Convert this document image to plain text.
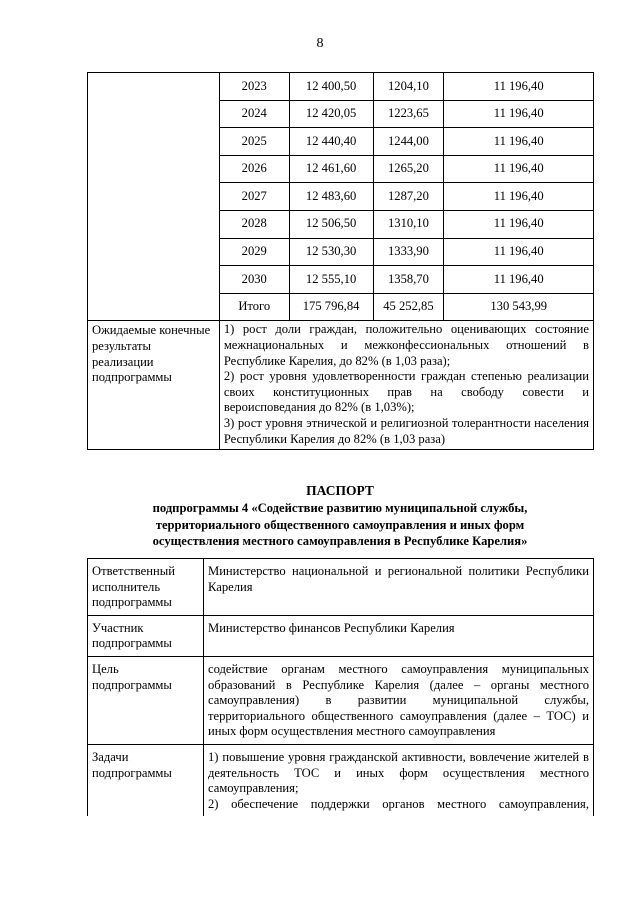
8
	2023	12 400,50	1204,10	11 196,40
	2024	12 420,05	1223,65	11 196,40
	2025	12 440,40	1244,00	11 196,40
	2026	12 461,60	1265,20	11 196,40
	2027	12 483,60	1287,20	11 196,40
	2028	12 506,50	1310,10	11 196,40
	2029	12 530,30	1333,90	11 196,40
	2030	12 555,10	1358,70	11 196,40
	Итого	175 796,84	45 252,85	130 543,99
Ожидаемые конечные результаты реализации подпрограммы	1) рост доли граждан, положительно оценивающих состояние межнациональных и межконфессиональных отношений в Республике Карелия, до 82% (в 1,03 раза);
2) рост уровня удовлетворенности граждан степенью реализации своих конституционных прав на свободу совести и вероисповедания до 82% (в 1,03%);
3) рост уровня этнической и религиозной толерантности населения Республики Карелия до 82% (в 1,03 раза)			
ПАСПОРТ
подпрограммы 4 «Содействие развитию муниципальной службы,
территориального общественного самоуправления и иных форм
осуществления местного самоуправления в Республике Карелия»
Ответственный исполнитель подпрограммы	Министерство национальной и региональной политики Республики Карелия
Участник подпрограммы	Министерство финансов Республики Карелия
Цель подпрограммы	содействие органам местного самоуправления муниципальных образований в Республике Карелия (далее – органы местного самоуправления) в развитии муниципальной службы, территориального общественного самоуправления (далее – ТОС) и иных форм осуществления местного самоуправления
Задачи подпрограммы	1) повышение уровня гражданской активности, вовлечение жителей в деятельность ТОС и иных форм осуществления местного самоуправления;
2) обеспечение поддержки органов местного самоуправления,
